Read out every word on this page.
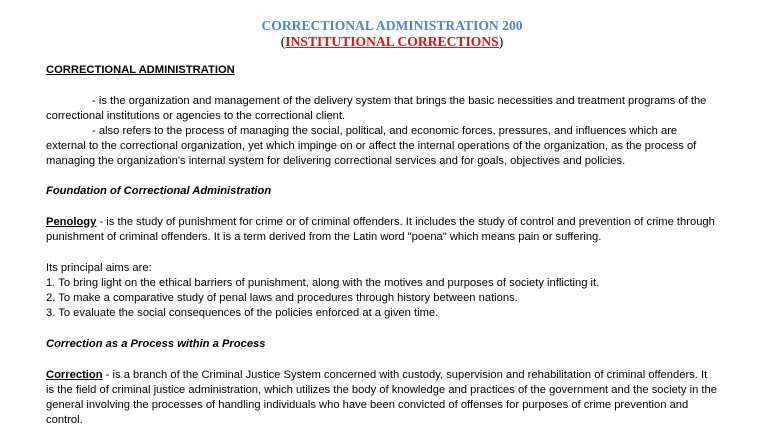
CORRECTIONAL ADMINISTRATION 200
(INSTITUTIONAL CORRECTIONS)
CORRECTIONAL ADMINISTRATION
- is the organization and management of the delivery system that brings the basic necessities and treatment programs of the
correctional institutions or agencies to the correctional client.
- also refers to the process of managing the social, political, and economic forces, pressures, and influences which are
external to the correctional organization, yet which impinge on or affect the internal operations of the organization, as the process of
managing the organization's internal system for delivering correctional services and for goals, objectives and policies.
Foundation of Correctional Administration
Penology - is the study of punishment for crime or of criminal offenders. It includes the study of control and prevention of crime through
punishment of criminal offenders. It is a term derived from the Latin word "poena" which means pain or suffering.
Its principal aims are:
1. To bring light on the ethical barriers of punishment, along with the motives and purposes of society inflicting it.
2. To make a comparative study of penal laws and procedures through history between nations.
3. To evaluate the social consequences of the policies enforced at a given time.
Correction as a Process within a Process
Correction - is a branch of the Criminal Justice System concerned with custody, supervision and rehabilitation of criminal offenders. It
is the field of criminal justice administration, which utilizes the body of knowledge and practices of the government and the society in the
general involving the processes of handling individuals who have been convicted of offenses for purposes of crime prevention and
control.
